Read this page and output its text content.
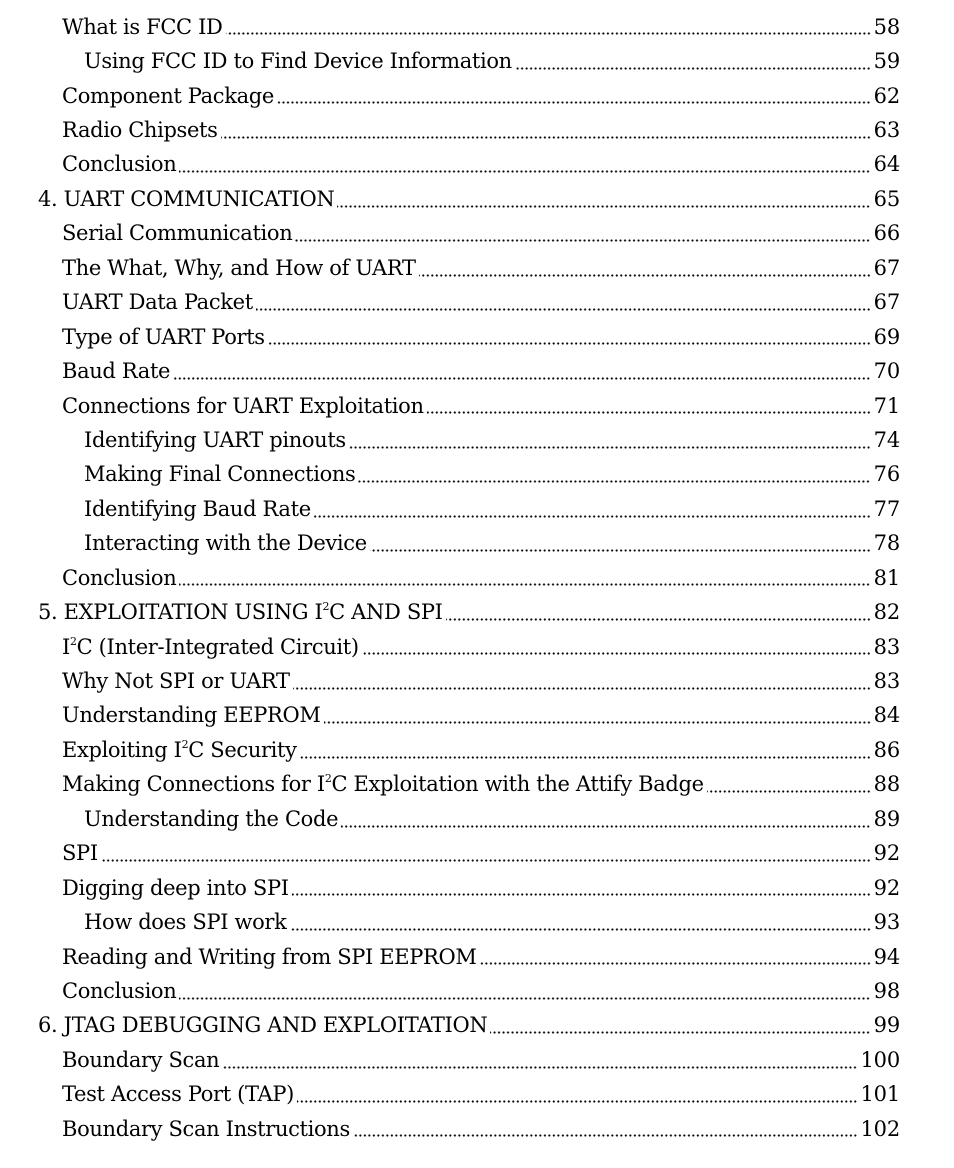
What is FCC ID	58
Using FCC ID to Find Device Information	59
Component Package	62
Radio Chipsets	63
Conclusion	64
4. UART COMMUNICATION	65
Serial Communication	66
The What, Why, and How of UART	67
UART Data Packet	67
Type of UART Ports	69
Baud Rate	70
Connections for UART Exploitation	71
Identifying UART pinouts	74
Making Final Connections	76
Identifying Baud Rate	77
Interacting with the Device	78
Conclusion	81
5. EXPLOITATION USING $I^2C$ AND SPI	82
$I^2C$ (Inter-Integrated Circuit)	83
Why Not SPI or UART	83
Understanding EEPROM	84
Exploiting $I^2C$ Security	86
Making Connections for $I^2C$ Exploitation with the Attify Badge	88
Understanding the Code	89
SPI	92
Digging deep into SPI	92
How does SPI work	93
Reading and Writing from SPI EEPROM	94
Conclusion	98
6. JTAG DEBUGGING AND EXPLOITATION	99
Boundary Scan	100
Test Access Port (TAP)	101
Boundary Scan Instructions	102
